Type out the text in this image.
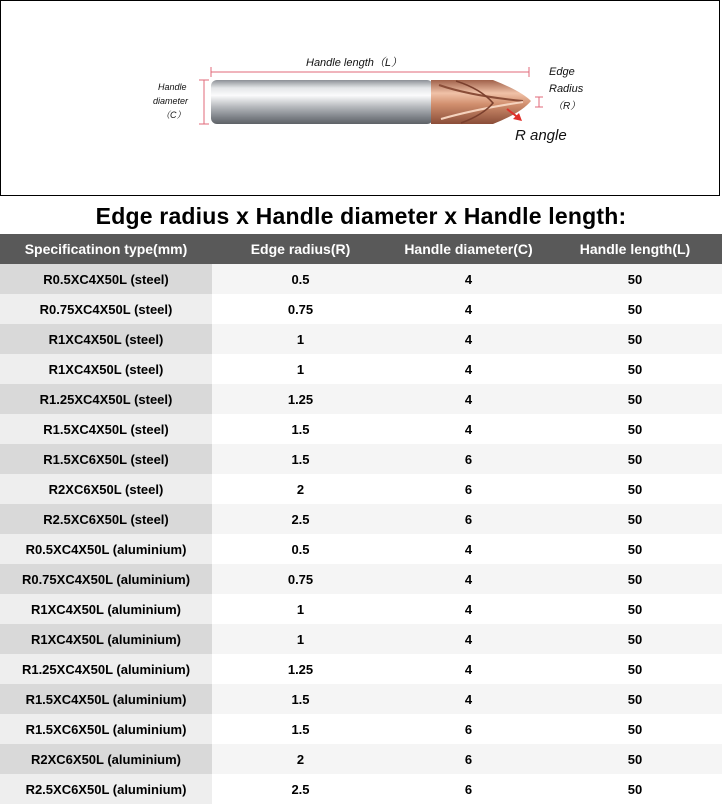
Handle length（L）
Handle
diameter
（C）
Edge
Radius
（R）
R angle
Edge radius x Handle diameter x Handle length:
Specificatinon type(mm)	Edge radius(R)	Handle diameter(C)	Handle length(L)
R0.5XC4X50L (steel)	0.5	4	50
R0.75XC4X50L (steel)	0.75	4	50
R1XC4X50L (steel)	1	4	50
R1XC4X50L (steel)	1	4	50
R1.25XC4X50L (steel)	1.25	4	50
R1.5XC4X50L (steel)	1.5	4	50
R1.5XC6X50L (steel)	1.5	6	50
R2XC6X50L (steel)	2	6	50
R2.5XC6X50L (steel)	2.5	6	50
R0.5XC4X50L (aluminium)	0.5	4	50
R0.75XC4X50L (aluminium)	0.75	4	50
R1XC4X50L (aluminium)	1	4	50
R1XC4X50L (aluminium)	1	4	50
R1.25XC4X50L (aluminium)	1.25	4	50
R1.5XC4X50L (aluminium)	1.5	4	50
R1.5XC6X50L (aluminium)	1.5	6	50
R2XC6X50L (aluminium)	2	6	50
R2.5XC6X50L (aluminium)	2.5	6	50
